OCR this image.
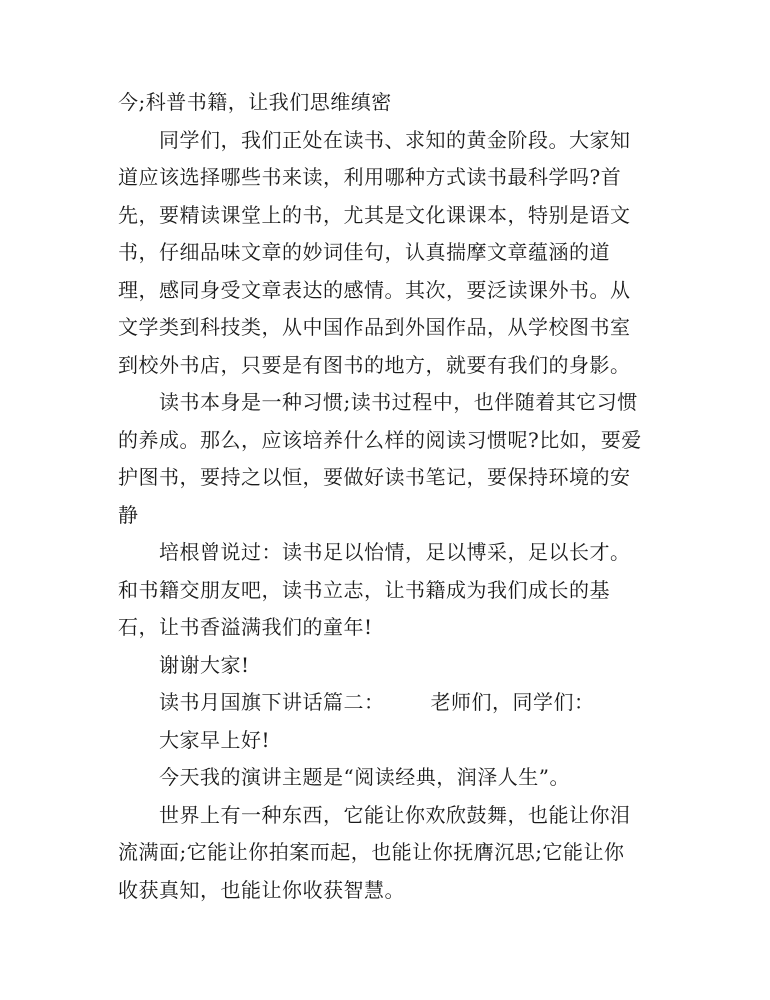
今;科普书籍，让我们思维缜密
同学们，我们正处在读书、求知的黄金阶段。大家知
道应该选择哪些书来读，利用哪种方式读书最科学吗?首
先，要精读课堂上的书，尤其是文化课课本，特别是语文
书，仔细品味文章的妙词佳句，认真揣摩文章蕴涵的道
理，感同身受文章表达的感情。其次，要泛读课外书。从
文学类到科技类，从中国作品到外国作品，从学校图书室
到校外书店，只要是有图书的地方，就要有我们的身影。
读书本身是一种习惯;读书过程中，也伴随着其它习惯
的养成。那么，应该培养什么样的阅读习惯呢?比如，要爱
护图书，要持之以恒，要做好读书笔记，要保持环境的安
静
培根曾说过：读书足以怡情，足以博采，足以长才。
和书籍交朋友吧，读书立志，让书籍成为我们成长的基
石，让书香溢满我们的童年!
谢谢大家!
读书月国旗下讲话篇二： 老师们，同学们：
大家早上好!
今天我的演讲主题是“阅读经典，润泽人生”。
世界上有一种东西，它能让你欢欣鼓舞，也能让你泪
流满面;它能让你拍案而起，也能让你抚膺沉思;它能让你
收获真知，也能让你收获智慧。
